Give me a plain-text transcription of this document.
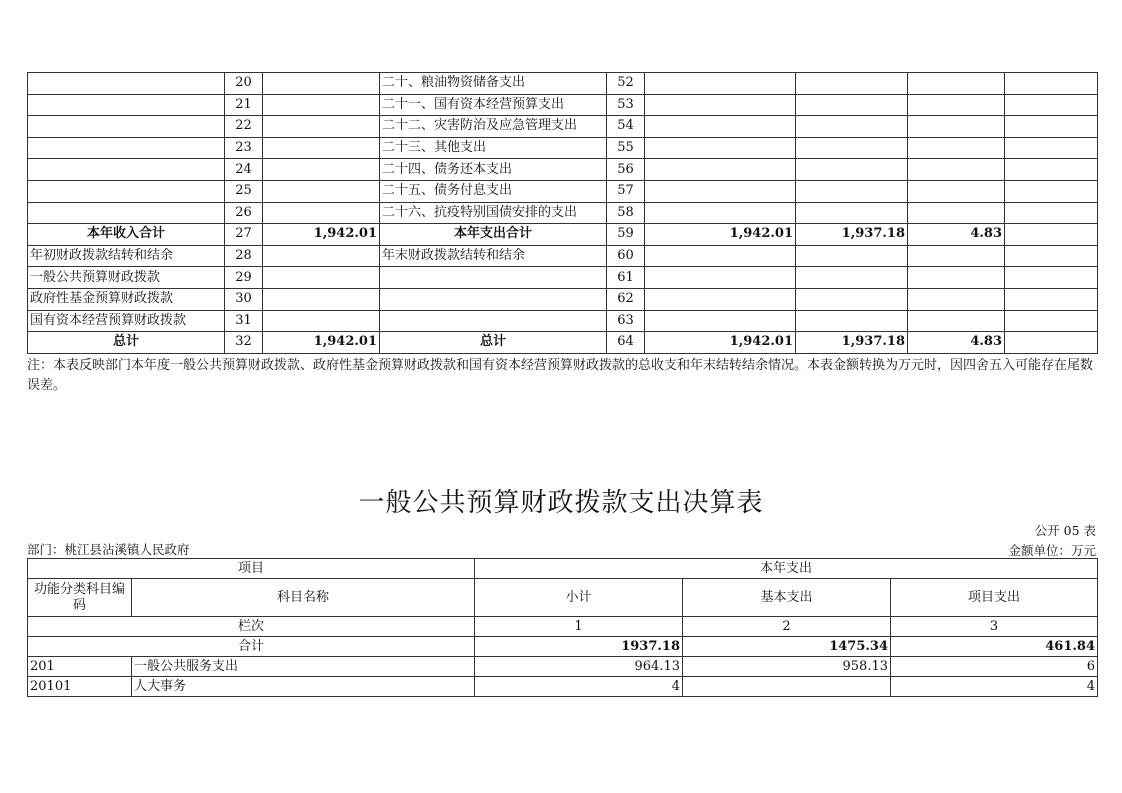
	20		二十、粮油物资储备支出	52				
	21		二十一、国有资本经营预算支出	53				
	22		二十二、灾害防治及应急管理支出	54				
	23		二十三、其他支出	55				
	24		二十四、债务还本支出	56				
	25		二十五、债务付息支出	57				
	26		二十六、抗疫特别国债安排的支出	58				
本年收入合计	27	1,942.01	本年支出合计	59	1,942.01	1,937.18	4.83	
年初财政拨款结转和结余	28		年末财政拨款结转和结余	60				
一般公共预算财政拨款	29			61				
政府性基金预算财政拨款	30			62				
国有资本经营预算财政拨款	31			63				
总计	32	1,942.01	总计	64	1,942.01	1,937.18	4.83	
注：本表反映部门本年度一般公共预算财政拨款、政府性基金预算财政拨款和国有资本经营预算财政拨款的总收支和年末结转结余情况。本表金额转换为万元时，因四舍五入可能存在尾数误差。
一般公共预算财政拨款支出决算表
公开 05 表
部门：桃江县沾溪镇人民政府	金额单位：万元
项目		本年支出		
功能分类科目编码	科目名称	小计	基本支出	项目支出
栏次		1	2	3
合计		1937.18	1475.34	461.84
201	一般公共服务支出	964.13	958.13	6
20101	人大事务	4		4
